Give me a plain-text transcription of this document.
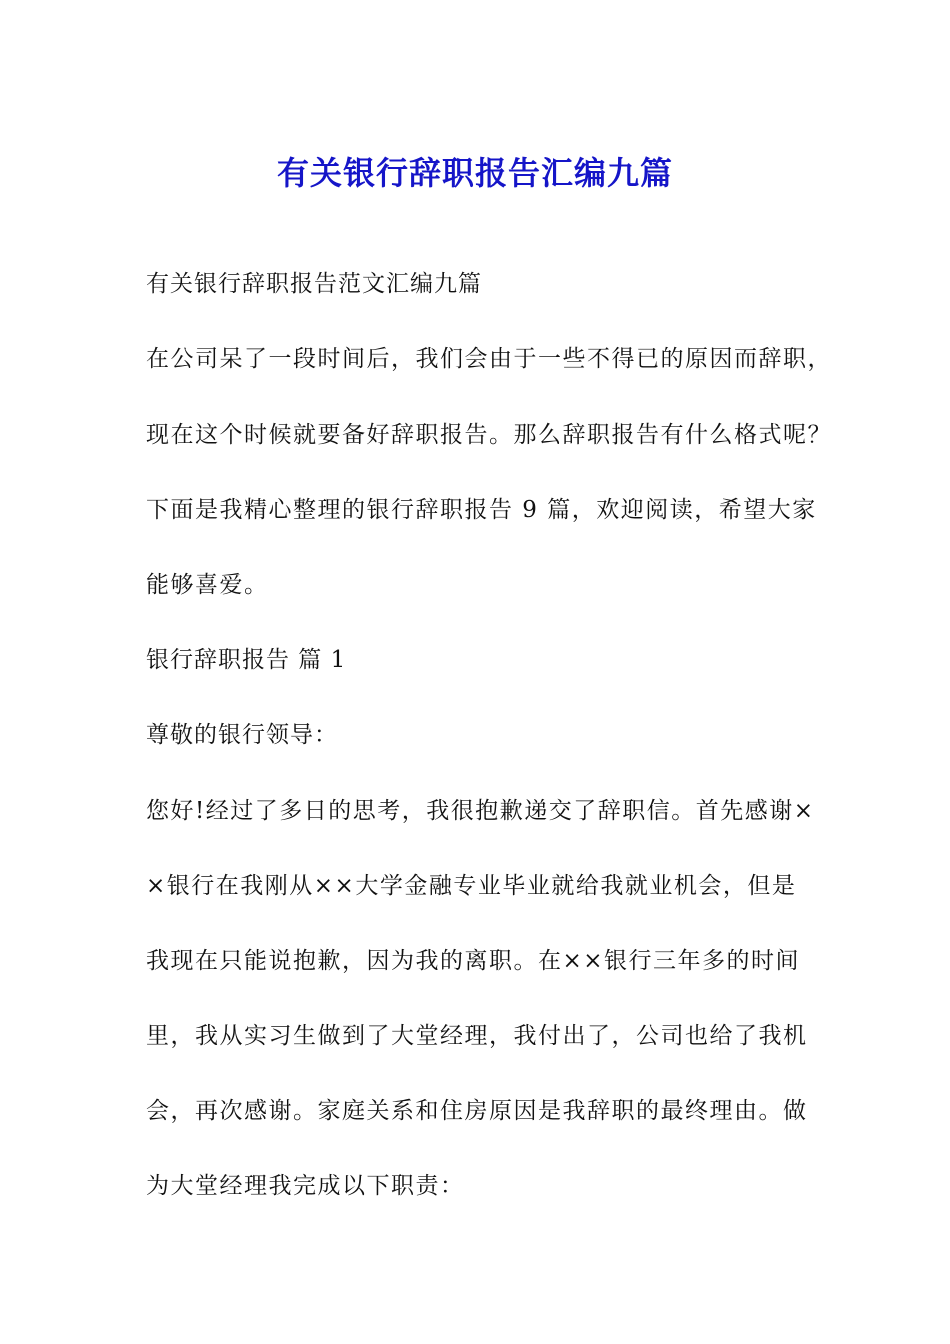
有关银行辞职报告汇编九篇

有关银行辞职报告范文汇编九篇

在公司呆了一段时间后，我们会由于一些不得已的原因而辞职，

现在这个时候就要备好辞职报告。那么辞职报告有什么格式呢？

下面是我精心整理的银行辞职报告 9 篇，欢迎阅读，希望大家

能够喜爱。

银行辞职报告 篇 1

尊敬的银行领导：

您好!经过了多日的思考，我很抱歉递交了辞职信。首先感谢×

×银行在我刚从××大学金融专业毕业就给我就业机会，但是

我现在只能说抱歉，因为我的离职。在××银行三年多的时间

里，我从实习生做到了大堂经理，我付出了，公司也给了我机

会，再次感谢。家庭关系和住房原因是我辞职的最终理由。做

为大堂经理我完成以下职责：
